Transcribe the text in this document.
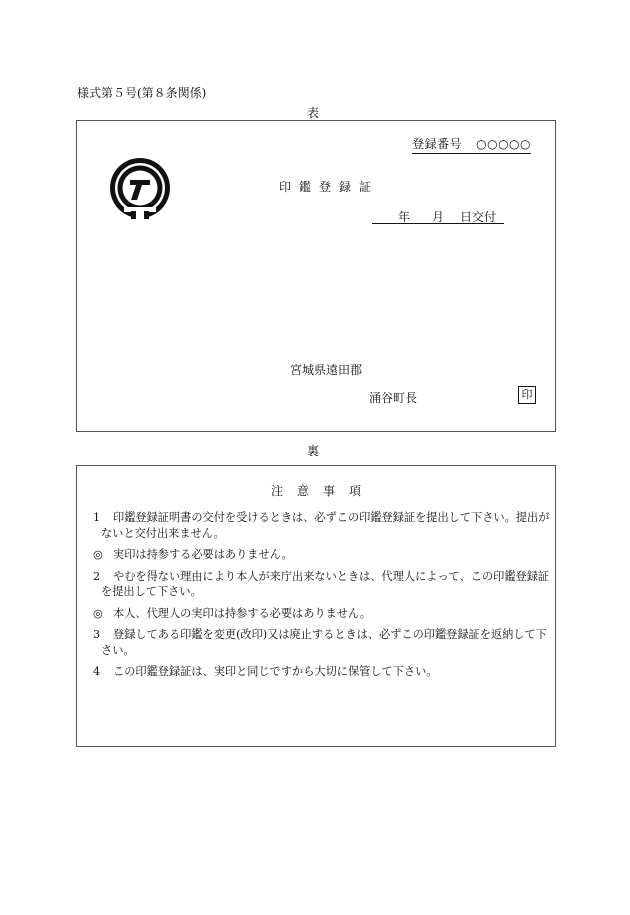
様式第５号(第８条関係)
表
登録番号 ○○○○○
印鑑登録証

年 月 日交付
宮城県遠田郡
涌谷町長	印
裏
注意事項

1 印鑑登録証明書の交付を受けるときは、必ずこの印鑑登録証を提出して下さい。提出がないと交付出来ません。

◎ 実印は持参する必要はありません。

2 やむを得ない理由により本人が来庁出来ないときは、代理人によって、この印鑑登録証を提出して下さい。

◎ 本人、代理人の実印は持参する必要はありません。

3 登録してある印鑑を変更(改印)又は廃止するときは、必ずこの印鑑登録証を返納して下さい。

4 この印鑑登録証は、実印と同じですから大切に保管して下さい。
